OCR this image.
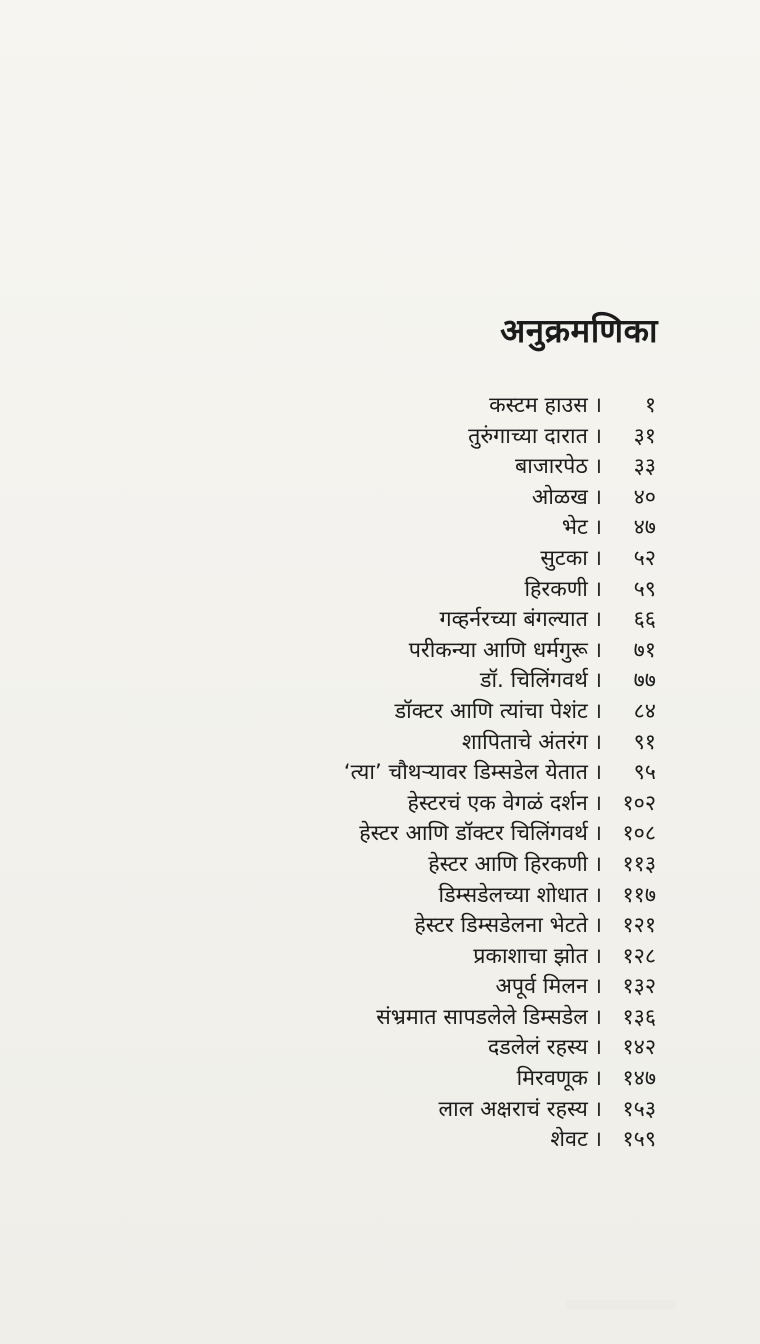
अनुक्रमणिका
कस्टम हाउस ।	१
तुरुंगाच्या दारात ।	३१
बाजारपेठ ।	३३
ओळख ।	४०
भेट ।	४७
सुटका ।	५२
हिरकणी ।	५९
गव्हर्नरच्या बंगल्यात ।	६६
परीकन्या आणि धर्मगुरू ।	७१
डॉ. चिलिंगवर्थ ।	७७
डॉक्टर आणि त्यांचा पेशंट ।	८४
शापिताचे अंतरंग ।	९१
‘त्या’ चौथऱ्यावर डिम्सडेल येतात ।	९५
हेस्टरचं एक वेगळं दर्शन । १०२
हेस्टर आणि डॉक्टर चिलिंगवर्थ । १०८
हेस्टर आणि हिरकणी । ११३
डिम्सडेलच्या शोधात । ११७
हेस्टर डिम्सडेलना भेटते । १२१
प्रकाशाचा झोत । १२८
अपूर्व मिलन । १३२
संभ्रमात सापडलेले डिम्सडेल । १३६
दडलेलं रहस्य । १४२
मिरवणूक । १४७
लाल अक्षराचं रहस्य । १५३
शेवट । १५९
